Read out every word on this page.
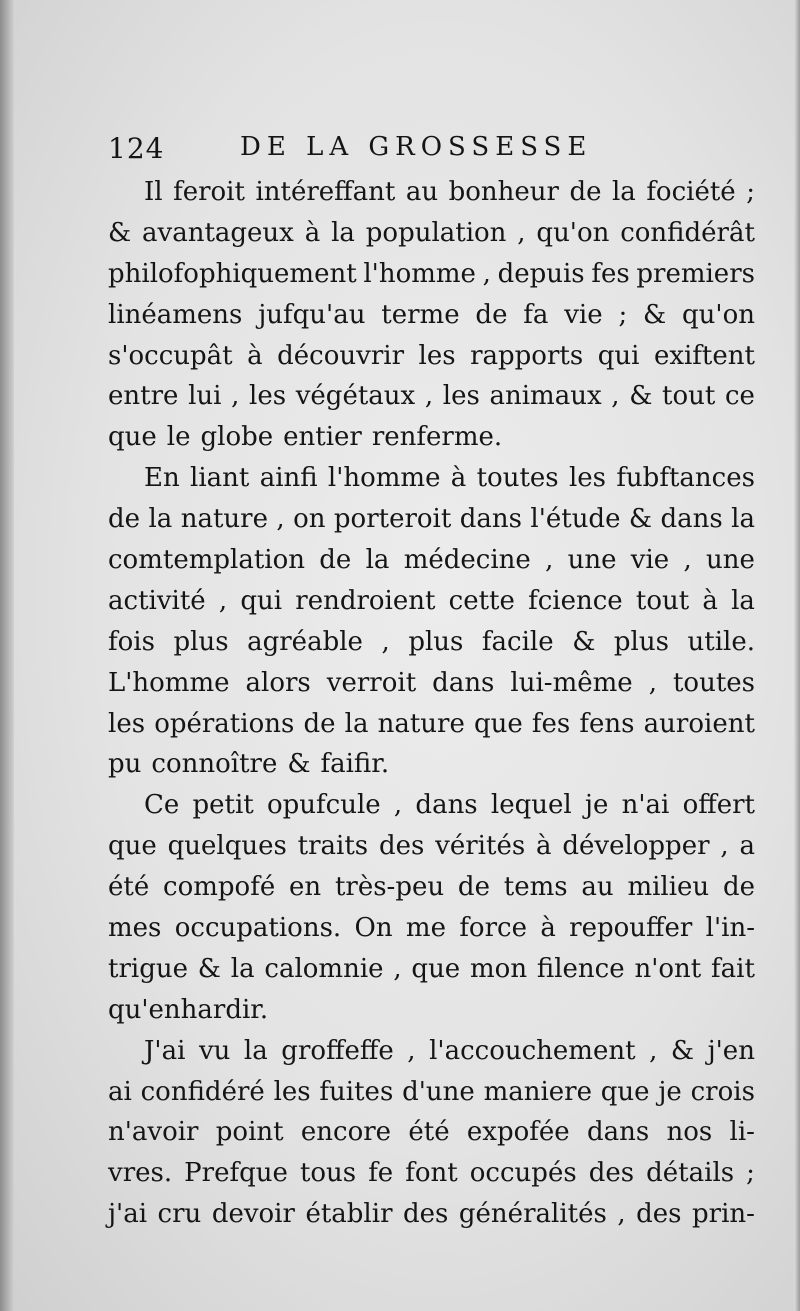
124	DE LA GROSSESSE
Il feroit intéreffant au bonheur de la fociété ;
& avantageux à la population , qu'on confidérât
philofophiquement l'homme , depuis fes premiers
linéamens jufqu'au terme de fa vie ; & qu'on
s'occupât à découvrir les rapports qui exiftent
entre lui , les végétaux , les animaux , & tout ce
que le globe entier renferme.
En liant ainfi l'homme à toutes les fubftances
de la nature , on porteroit dans l'étude & dans la
comtemplation de la médecine , une vie , une
activité , qui rendroient cette fcience tout à la
fois plus agréable , plus facile & plus utile.
L'homme alors verroit dans lui-même , toutes
les opérations de la nature que fes fens auroient
pu connoître & faifir.
Ce petit opufcule , dans lequel je n'ai offert
que quelques traits des vérités à développer , a
été compofé en très-peu de tems au milieu de
mes occupations. On me force à repouffer l'in-
trigue & la calomnie , que mon filence n'ont fait
qu'enhardir.
J'ai vu la groffeffe , l'accouchement , & j'en
ai confidéré les fuites d'une maniere que je crois
n'avoir point encore été expofée dans nos li-
vres. Prefque tous fe font occupés des détails ;
j'ai cru devoir établir des généralités , des prin-
